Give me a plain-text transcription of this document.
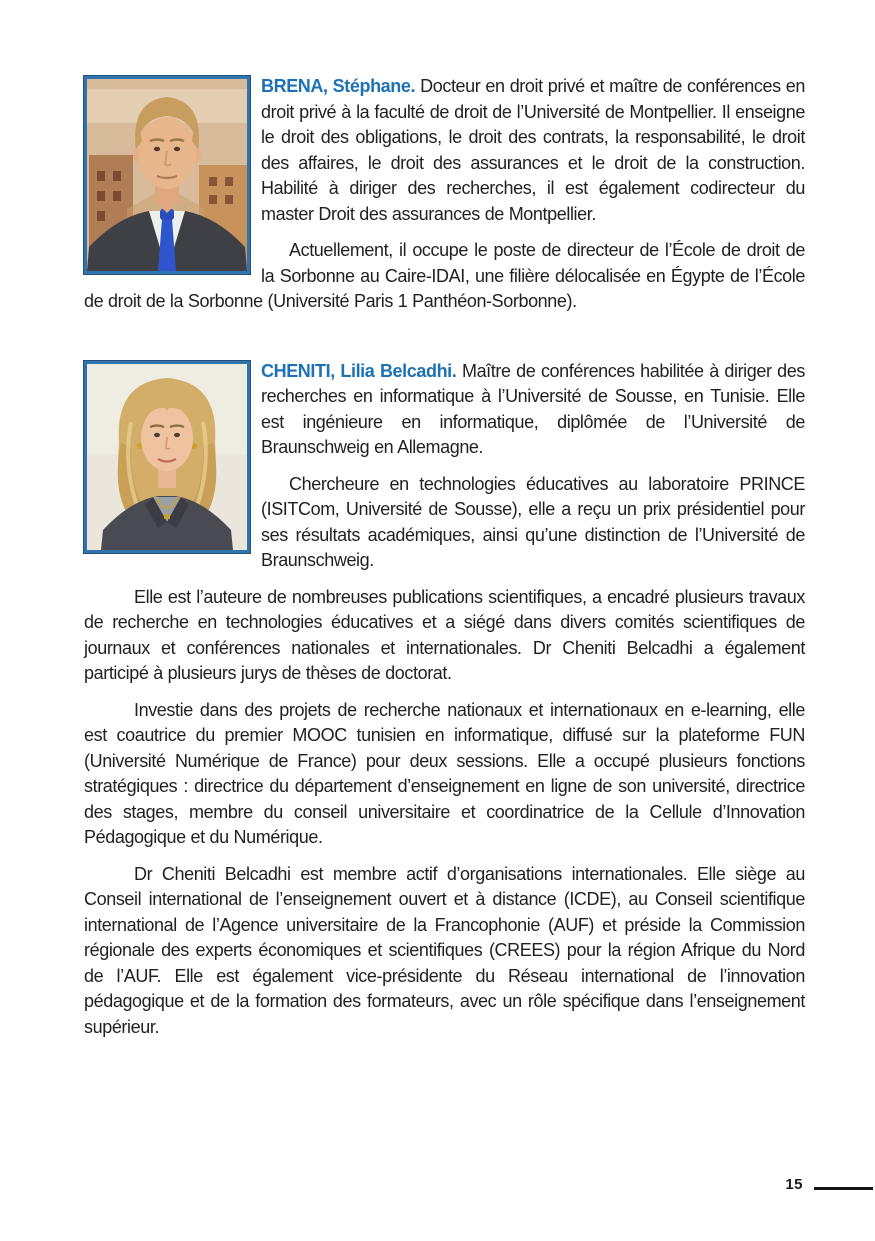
BRENA, Stéphane. Docteur en droit privé et maître de conférences en droit privé à la faculté de droit de l’Université de Montpellier. Il enseigne le droit des obligations, le droit des contrats, la responsabilité, le droit des affaires, le droit des assurances et le droit de la construction. Habilité à diriger des recherches, il est également codirecteur du master Droit des assurances de Montpellier.

Actuellement, il occupe le poste de directeur de l’École de droit de la Sorbonne au Caire-IDAI, une filière délocalisée en Égypte de l’École de droit de la Sorbonne (Université Paris 1 Panthéon-Sorbonne).

CHENITI, Lilia Belcadhi. Maître de conférences habilitée à diriger des recherches en informatique à l’Université de Sousse, en Tunisie. Elle est ingénieure en informatique, diplômée de l’Université de Braunschweig en Allemagne.

Chercheure en technologies éducatives au laboratoire PRINCE (ISITCom, Université de Sousse), elle a reçu un prix présidentiel pour ses résultats académiques, ainsi qu’une distinction de l’Université de Braunschweig.

Elle est l’auteure de nombreuses publications scientifiques, a encadré plusieurs travaux de recherche en technologies éducatives et a siégé dans divers comités scientifiques de journaux et conférences nationales et internationales. Dr Cheniti Belcadhi a également participé à plusieurs jurys de thèses de doctorat.

Investie dans des projets de recherche nationaux et internationaux en e-learning, elle est coautrice du premier MOOC tunisien en informatique, diffusé sur la plateforme FUN (Université Numérique de France) pour deux sessions. Elle a occupé plusieurs fonctions stratégiques : directrice du département d’enseignement en ligne de son université, directrice des stages, membre du conseil universitaire et coordinatrice de la Cellule d’Innovation Pédagogique et du Numérique.

Dr Cheniti Belcadhi est membre actif d’organisations internationales. Elle siège au Conseil international de l’enseignement ouvert et à distance (ICDE), au Conseil scientifique international de l’Agence universitaire de la Francophonie (AUF) et préside la Commission régionale des experts économiques et scientifiques (CREES) pour la région Afrique du Nord de l’AUF. Elle est également vice-présidente du Réseau international de l’innovation pédagogique et de la formation des formateurs, avec un rôle spécifique dans l’enseignement supérieur.

15
